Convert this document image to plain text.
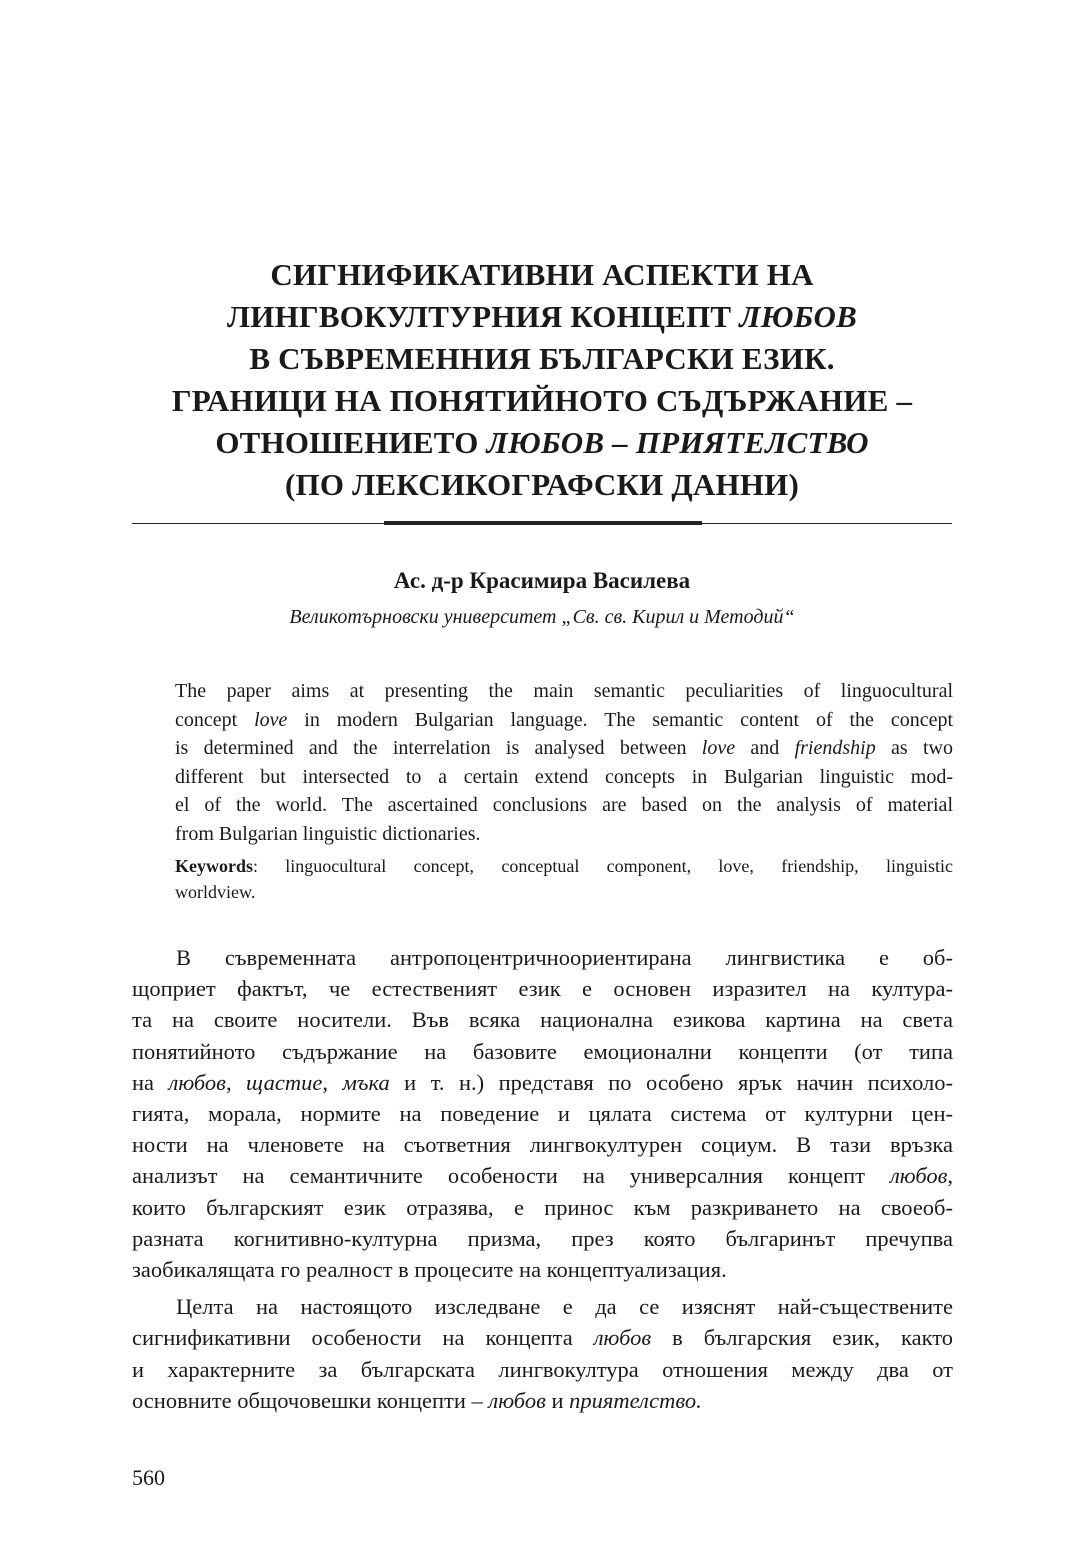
СИГНИФИКАТИВНИ АСПЕКТИ НА
ЛИНГВОКУЛТУРНИЯ КОНЦЕПТ ЛЮБОВ
В СЪВРЕМЕННИЯ БЪЛГАРСКИ ЕЗИК.
ГРАНИЦИ НА ПОНЯТИЙНОТО СЪДЪРЖАНИЕ –
ОТНОШЕНИЕТО ЛЮБОВ – ПРИЯТЕЛСТВО
(ПО ЛЕКСИКОГРАФСКИ ДАННИ)
Ас. д-р Красимира Василева
Великотърновски университет „Св. св. Кирил и Методий“
The paper aims at presenting the main semantic peculiarities of linguocultural
concept love in modern Bulgarian language. The semantic content of the concept
is determined and the interrelation is analysed between love and friendship as two
different but intersected to a certain extend concepts in Bulgarian linguistic mod-
el of the world. The ascertained conclusions are based on the analysis of material
from Bulgarian linguistic dictionaries.
Keywords: linguocultural concept, conceptual component, love, friendship, linguistic
worldview.
В съвременната антропоцентричноориентирана лингвистика е об-
щоприет фактът, че естественият език е основен изразител на култура-
та на своите носители. Във всяка национална езикова картина на света
понятийното съдържание на базовите емоционални концепти (от типа
на любов, щастие, мъка и т. н.) представя по особено ярък начин психоло-
гията, морала, нормите на поведение и цялата система от културни цен-
ности на членовете на съответния лингвокултурен социум. В тази връзка
анализът на семантичните особености на универсалния концепт любов,
които българският език отразява, е принос към разкриването на своеоб-
разната когнитивно-културна призма, през която българинът пречупва
заобикалящата го реалност в процесите на концептуализация.
Целта на настоящото изследване е да се изяснят най-съществените
сигнификативни особености на концепта любов в българския език, както
и характерните за българската лингвокултура отношения между два от
основните общочовешки концепти – любов и приятелство.
560
